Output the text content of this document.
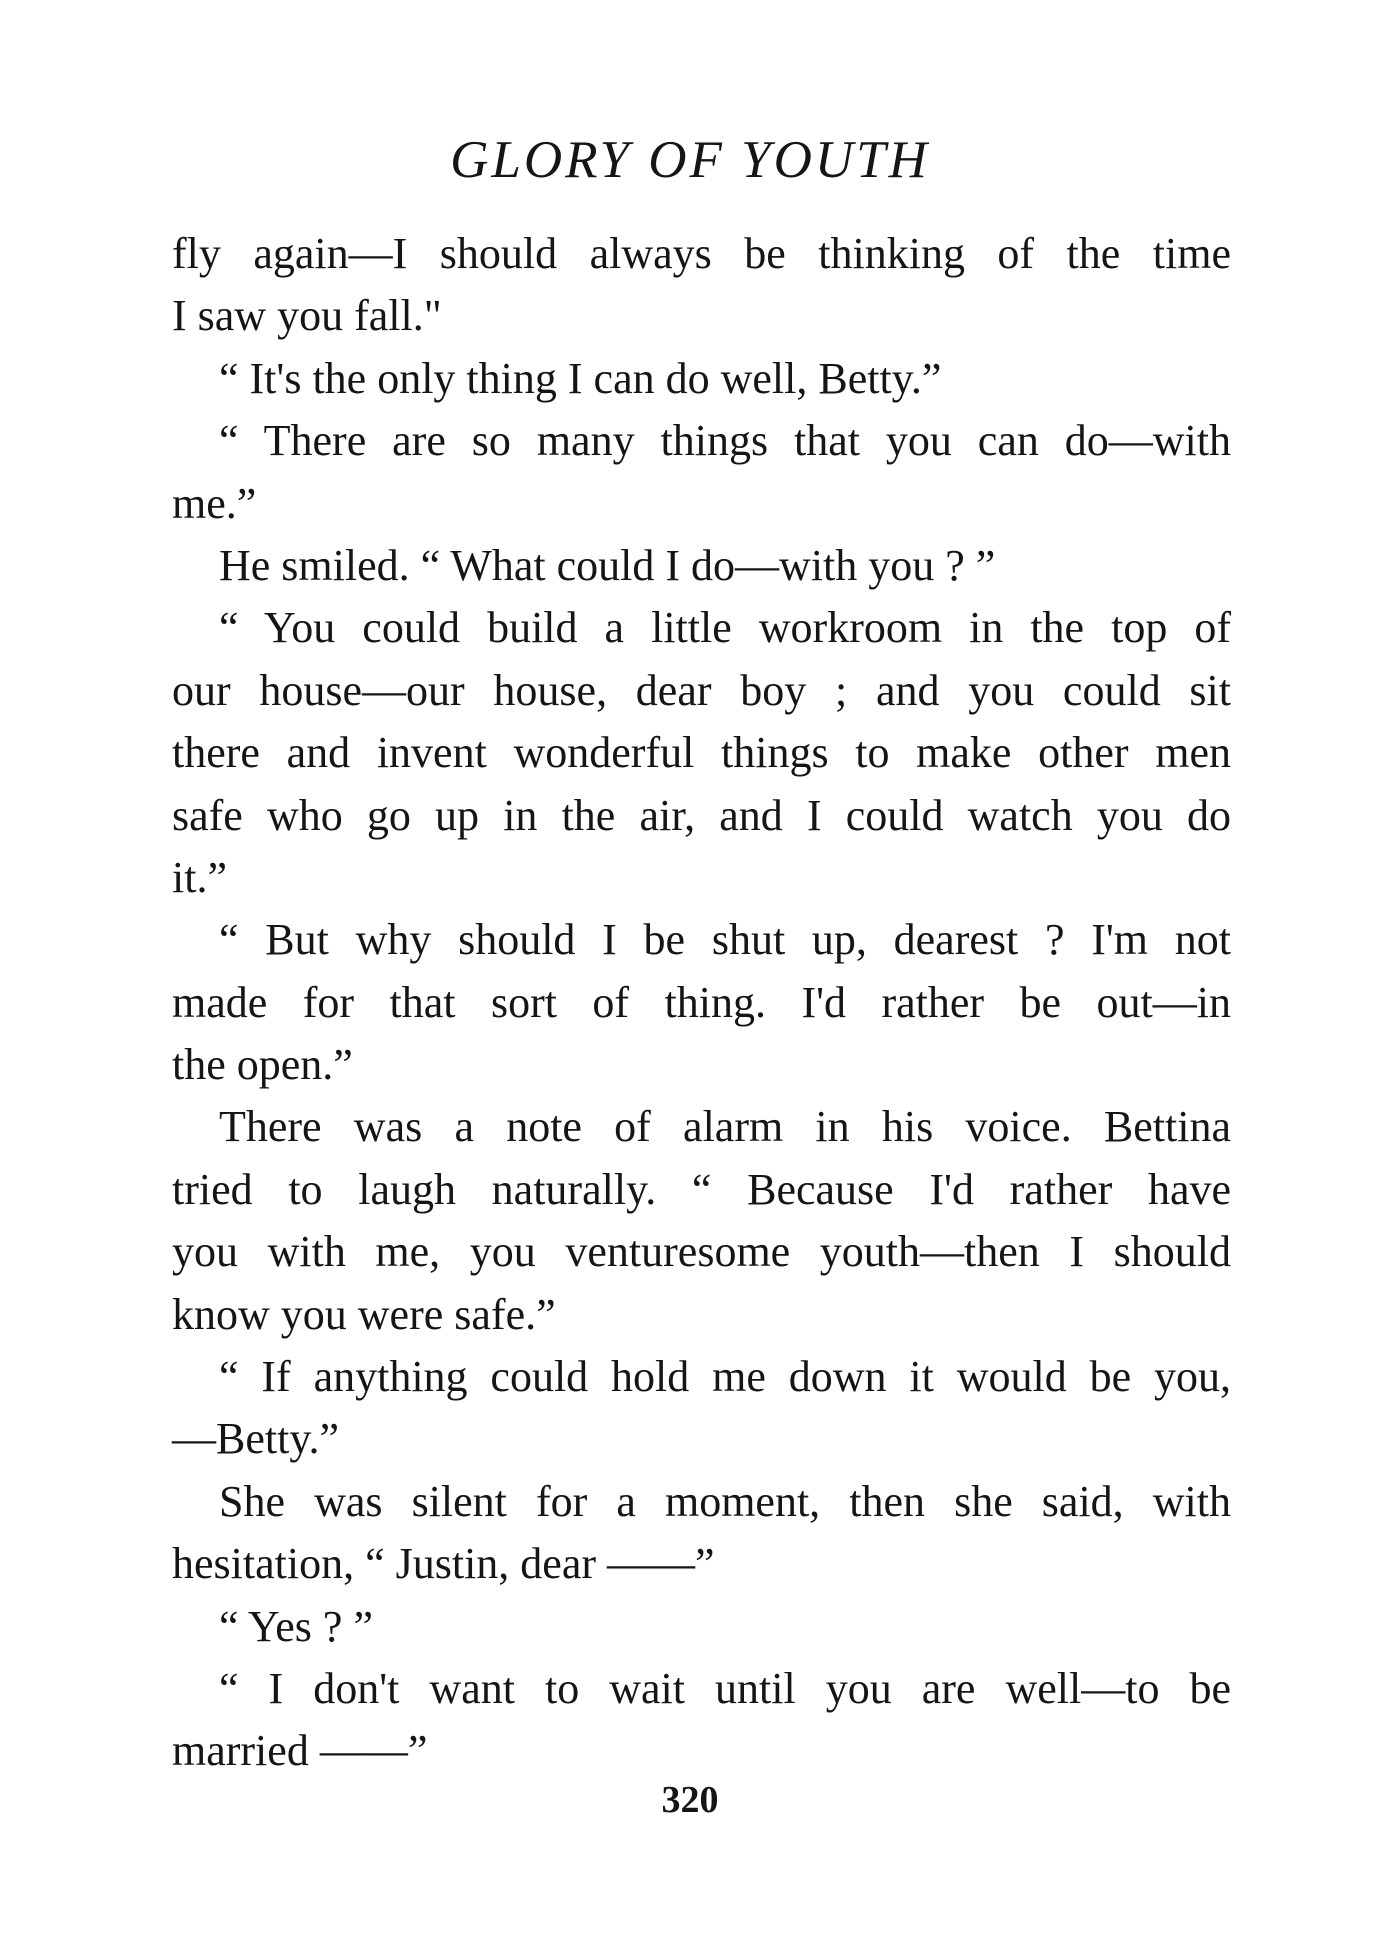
GLORY OF YOUTH
fly again—I should always be thinking of the time
I saw you fall."
“ It's the only thing I can do well, Betty.”
“ There are so many things that you can do—with
me.”
He smiled. “ What could I do—with you ? ”
“ You could build a little workroom in the top of
our house—our house, dear boy ; and you could sit
there and invent wonderful things to make other men
safe who go up in the air, and I could watch you do
it.”
“ But why should I be shut up, dearest ? I'm not
made for that sort of thing. I'd rather be out—in
the open.”
There was a note of alarm in his voice. Bettina
tried to laugh naturally. “ Because I'd rather have
you with me, you venturesome youth—then I should
know you were safe.”
“ If anything could hold me down it would be you,
—Betty.”
She was silent for a moment, then she said, with
hesitation, “ Justin, dear ——”
“ Yes ? ”
“ I don't want to wait until you are well—to be
married ——”
320
